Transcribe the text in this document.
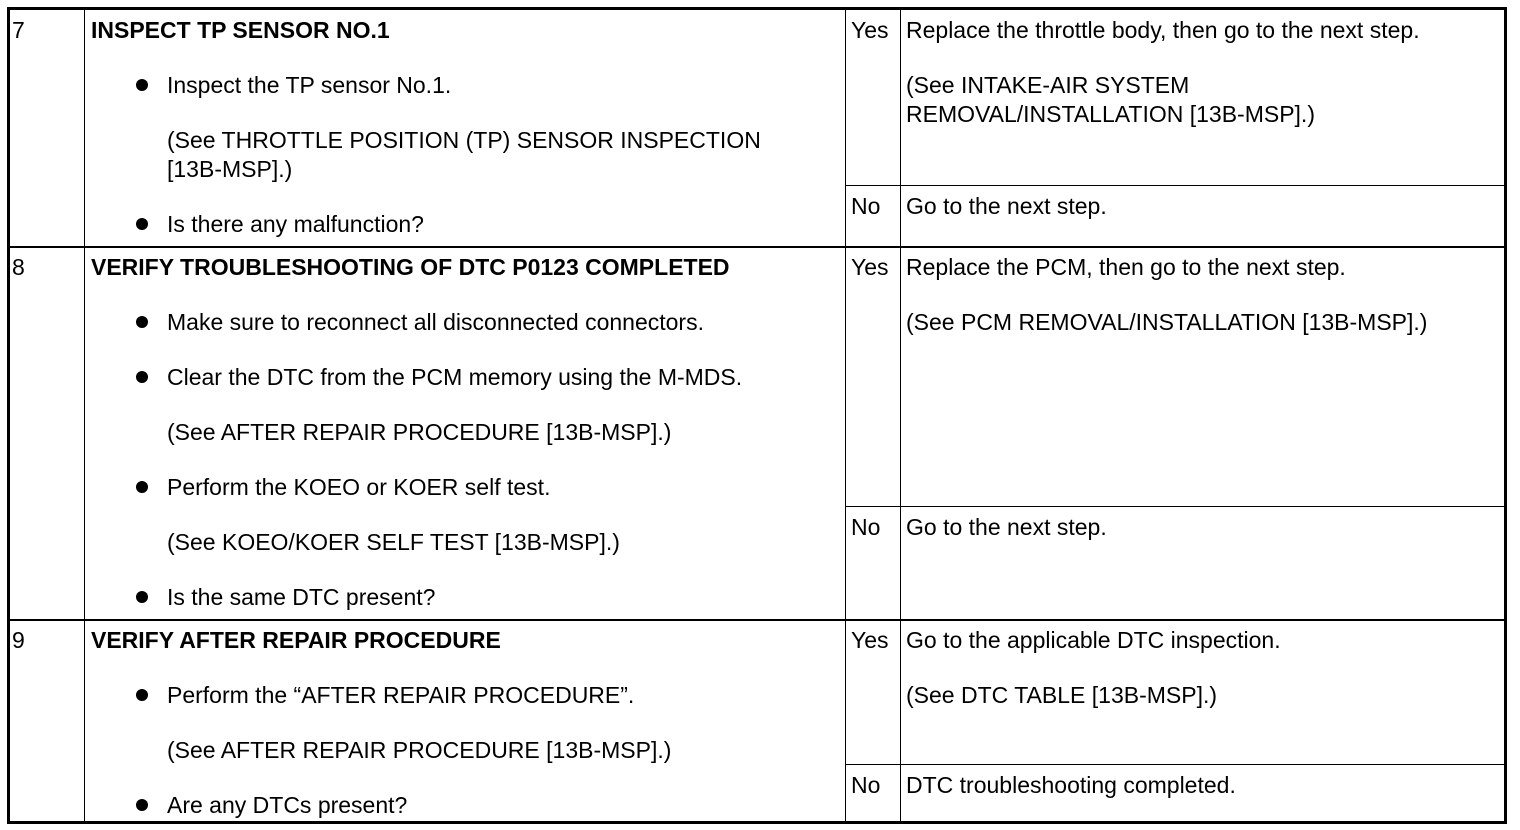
7	INSPECT TP SENSOR NO.1
Inspect the TP sensor No.1.
(See THROTTLE POSITION (TP) SENSOR INSPECTION
[13B-MSP].)
Is there any malfunction?
Yes Replace the throttle body, then go to the next step.
(See INTAKE-AIR SYSTEM
REMOVAL/INSTALLATION [13B-MSP].)
No Go to the next step.
8	VERIFY TROUBLESHOOTING OF DTC P0123 COMPLETED
Make sure to reconnect all disconnected connectors.
Clear the DTC from the PCM memory using the M-MDS.
(See AFTER REPAIR PROCEDURE [13B-MSP].)
Perform the KOEO or KOER self test.
(See KOEO/KOER SELF TEST [13B-MSP].)
Is the same DTC present?
Yes Replace the PCM, then go to the next step.
(See PCM REMOVAL/INSTALLATION [13B-MSP].)
No Go to the next step.
9	VERIFY AFTER REPAIR PROCEDURE
Perform the “AFTER REPAIR PROCEDURE”.
(See AFTER REPAIR PROCEDURE [13B-MSP].)
Are any DTCs present?
Yes Go to the applicable DTC inspection.
(See DTC TABLE [13B-MSP].)
No DTC troubleshooting completed.
